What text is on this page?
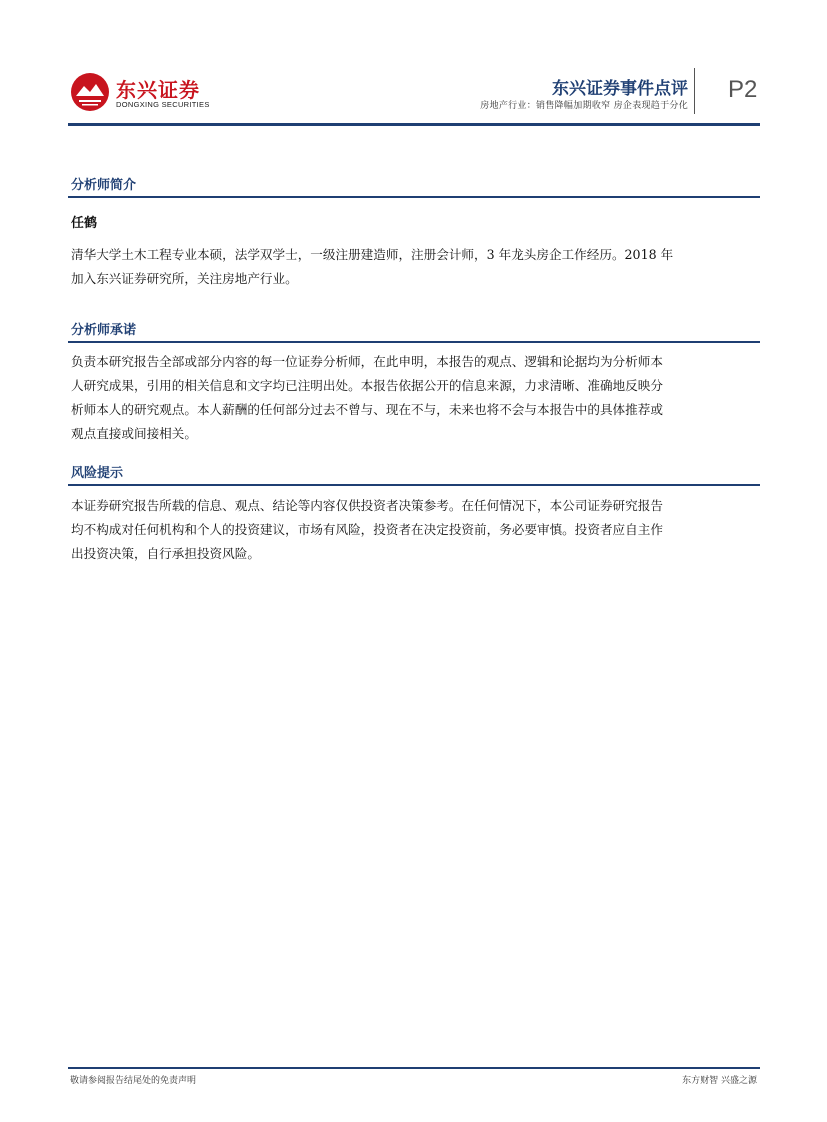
东兴证券
DONGXING SECURITIES
东兴证券事件点评
房地产行业：销售降幅加期收窄 房企表现趋于分化
P2
分析师简介
任鹤
清华大学土木工程专业本硕，法学双学士，一级注册建造师，注册会计师，3 年龙头房企工作经历。2018 年
加入东兴证券研究所，关注房地产行业。
分析师承诺
负责本研究报告全部或部分内容的每一位证券分析师，在此申明，本报告的观点、逻辑和论据均为分析师本
人研究成果，引用的相关信息和文字均已注明出处。本报告依据公开的信息来源，力求清晰、准确地反映分
析师本人的研究观点。本人薪酬的任何部分过去不曾与、现在不与，未来也将不会与本报告中的具体推荐或
观点直接或间接相关。
风险提示
本证券研究报告所载的信息、观点、结论等内容仅供投资者决策参考。在任何情况下，本公司证券研究报告
均不构成对任何机构和个人的投资建议，市场有风险，投资者在决定投资前，务必要审慎。投资者应自主作
出投资决策，自行承担投资风险。
敬请参阅报告结尾处的免责声明	东方财智 兴盛之源
